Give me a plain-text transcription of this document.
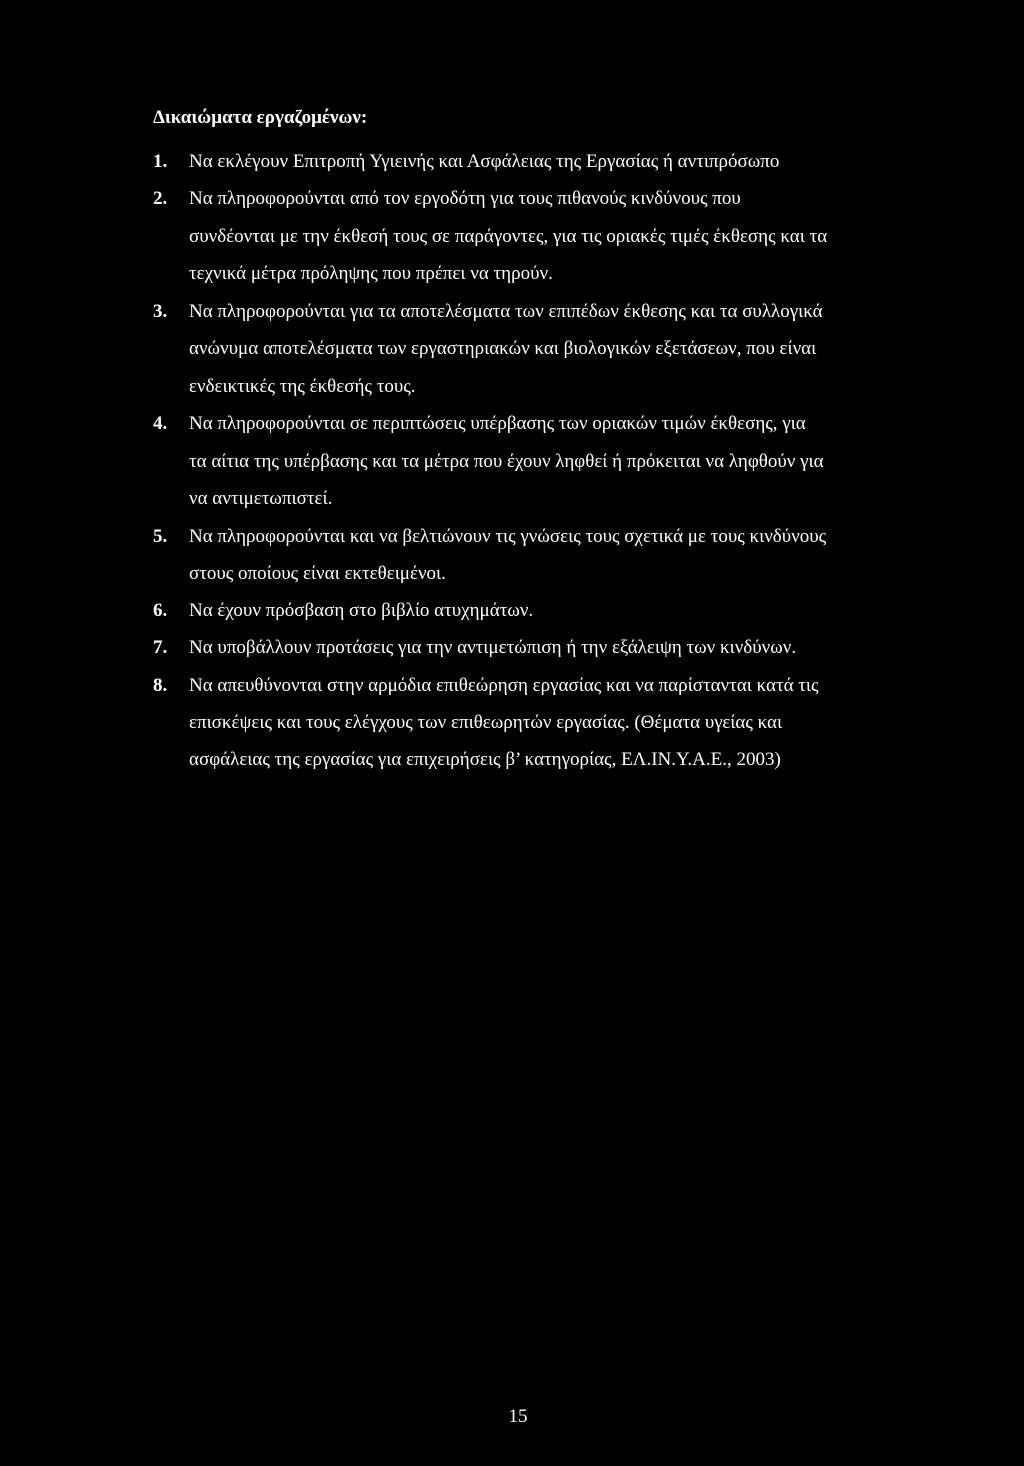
Δικαιώματα εργαζομένων:
1. Να εκλέγουν Επιτροπή Υγιεινής και Ασφάλειας της Εργασίας ή αντιπρόσωπο
2. Να πληροφορούνται από τον εργοδότη για τους πιθανούς κινδύνους που
συνδέονται με την έκθεσή τους σε παράγοντες, για τις οριακές τιμές έκθεσης και τα
τεχνικά μέτρα πρόληψης που πρέπει να τηρούν.
3. Να πληροφορούνται για τα αποτελέσματα των επιπέδων έκθεσης και τα συλλογικά
ανώνυμα αποτελέσματα των εργαστηριακών και βιολογικών εξετάσεων, που είναι
ενδεικτικές της έκθεσής τους.
4. Να πληροφορούνται σε περιπτώσεις υπέρβασης των οριακών τιμών έκθεσης, για
τα αίτια της υπέρβασης και τα μέτρα που έχουν ληφθεί ή πρόκειται να ληφθούν για
να αντιμετωπιστεί.
5. Να πληροφορούνται και να βελτιώνουν τις γνώσεις τους σχετικά με τους κινδύνους
στους οποίους είναι εκτεθειμένοι.
6. Να έχουν πρόσβαση στο βιβλίο ατυχημάτων.
7. Να υποβάλλουν προτάσεις για την αντιμετώπιση ή την εξάλειψη των κινδύνων.
8. Να απευθύνονται στην αρμόδια επιθεώρηση εργασίας και να παρίστανται κατά τις
επισκέψεις και τους ελέγχους των επιθεωρητών εργασίας. (Θέματα υγείας και
ασφάλειας της εργασίας για επιχειρήσεις β’ κατηγορίας, ΕΛ.ΙΝ.Υ.Α.Ε., 2003)
15
